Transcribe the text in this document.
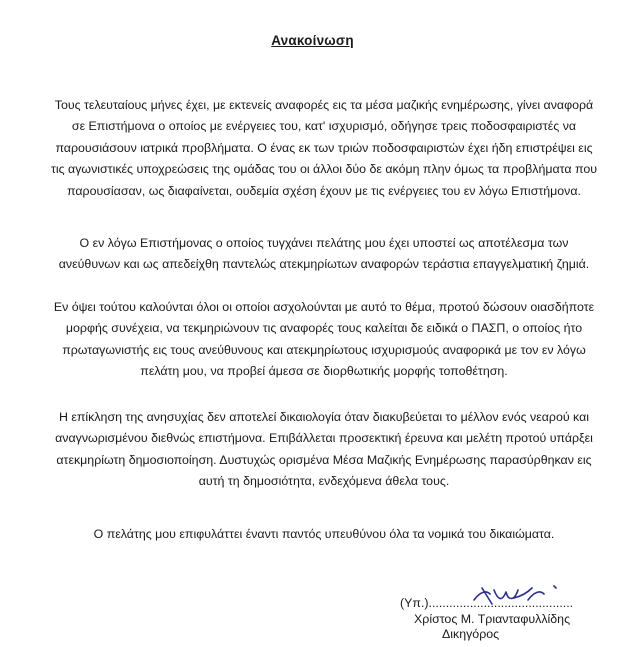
Ανακοίνωση
Τους τελευταίους μήνες έχει, με εκτενείς αναφορές εις τα μέσα μαζικής ενημέρωσης, γίνει αναφορά
σε Επιστήμονα ο οποίος με ενέργειες του, κατ' ισχυρισμό, οδήγησε τρεις ποδοσφαιριστές να
παρουσιάσουν ιατρικά προβλήματα. Ο ένας εκ των τριών ποδοσφαιριστών έχει ήδη επιστρέψει εις
τις αγωνιστικές υποχρεώσεις της ομάδας του οι άλλοι δύο δε ακόμη πλην όμως τα προβλήματα που
παρουσίασαν, ως διαφαίνεται, ουδεμία σχέση έχουν με τις ενέργειες του εν λόγω Επιστήμονα.
Ο εν λόγω Επιστήμονας ο οποίος τυγχάνει πελάτης μου έχει υποστεί ως αποτέλεσμα των
ανεύθυνων και ως απεδείχθη παντελώς ατεκμηρίωτων αναφορών τεράστια επαγγελματική ζημιά.
Εν όψει τούτου καλούνται όλοι οι οποίοι ασχολούνται με αυτό το θέμα, προτού δώσουν οιασδήποτε
μορφής συνέχεια, να τεκμηριώνουν τις αναφορές τους καλείται δε ειδικά ο ΠΑΣΠ, ο οποίος ήτο
πρωταγωνιστής εις τους ανεύθυνους και ατεκμηρίωτους ισχυρισμούς αναφορικά με τον εν λόγω
πελάτη μου, να προβεί άμεσα σε διορθωτικής μορφής τοποθέτηση.
Η επίκληση της ανησυχίας δεν αποτελεί δικαιολογία όταν διακυβεύεται το μέλλον ενός νεαρού και
αναγνωρισμένου διεθνώς επιστήμονα. Επιβάλλεται προσεκτική έρευνα και μελέτη προτού υπάρξει
ατεκμηρίωτη δημοσιοποίηση. Δυστυχώς ορισμένα Μέσα Μαζικής Ενημέρωσης παρασύρθηκαν εις
αυτή τη δημοσιότητα, ενδεχόμενα άθελα τους.
Ο πελάτης μου επιφυλάττει έναντι παντός υπευθύνου όλα τα νομικά του δικαιώματα.
(Υπ.)..........................................
Χρίστος Μ. Τριανταφυλλίδης
Δικηγόρος
